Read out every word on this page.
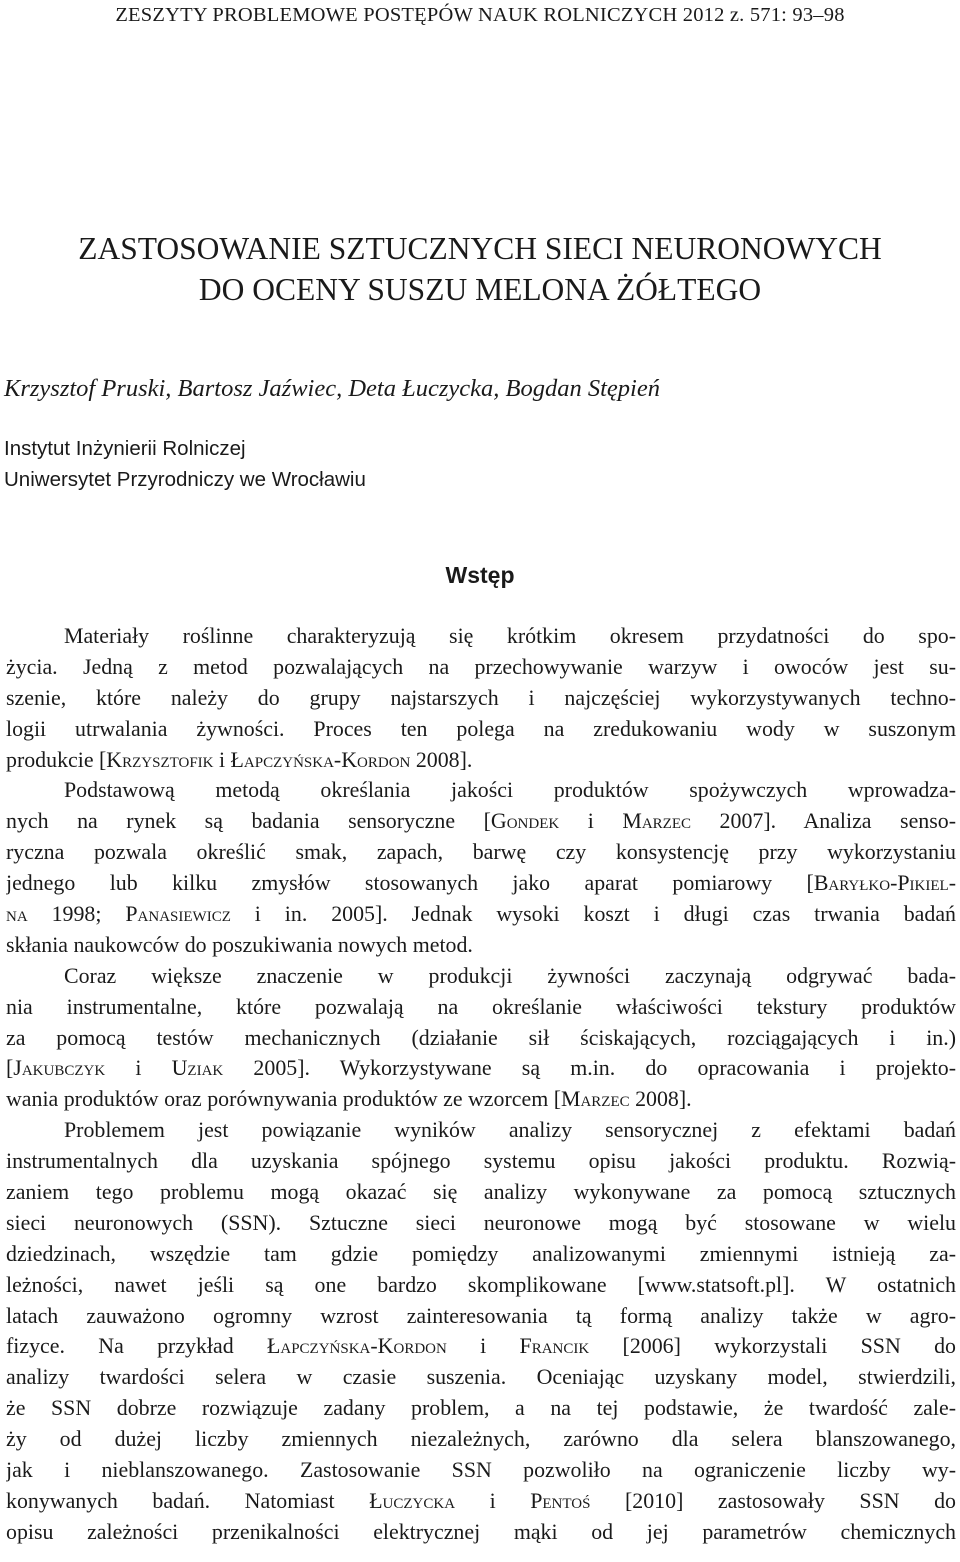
ZESZYTY PROBLEMOWE POSTĘPÓW NAUK ROLNICZYCH 2012 z. 571: 93–98
ZASTOSOWANIE SZTUCZNYCH SIECI NEURONOWYCH
DO OCENY SUSZU MELONA ŻÓŁTEGO

Krzysztof Pruski, Bartosz Jaźwiec, Deta Łuczycka, Bogdan Stępień

Instytut Inżynierii Rolniczej
Uniwersytet Przyrodniczy we Wrocławiu

Wstęp
Materiały roślinne charakteryzują się krótkim okresem przydatności do spo-
życia. Jedną z metod pozwalających na przechowywanie warzyw i owoców jest su-
szenie, które należy do grupy najstarszych i najczęściej wykorzystywanych techno-
logii utrwalania żywności. Proces ten polega na zredukowaniu wody w suszonym
produkcie [Krzysztofik i Łapczyńska-Kordon 2008].
Podstawową metodą określania jakości produktów spożywczych wprowadza-
nych na rynek są badania sensoryczne [Gondek i Marzec 2007]. Analiza senso-
ryczna pozwala określić smak, zapach, barwę czy konsystencję przy wykorzystaniu
jednego lub kilku zmysłów stosowanych jako aparat pomiarowy [Baryłko-Pikiel-
na 1998; Panasiewicz i in. 2005]. Jednak wysoki koszt i długi czas trwania badań
skłania naukowców do poszukiwania nowych metod.
Coraz większe znaczenie w produkcji żywności zaczynają odgrywać bada-
nia instrumentalne, które pozwalają na określanie właściwości tekstury produktów
za pomocą testów mechanicznych (działanie sił ściskających, rozciągających i in.)
[Jakubczyk i Uziak 2005]. Wykorzystywane są m.in. do opracowania i projekto-
wania produktów oraz porównywania produktów ze wzorcem [Marzec 2008].
Problemem jest powiązanie wyników analizy sensorycznej z efektami badań
instrumentalnych dla uzyskania spójnego systemu opisu jakości produktu. Rozwią-
zaniem tego problemu mogą okazać się analizy wykonywane za pomocą sztucznych
sieci neuronowych (SSN). Sztuczne sieci neuronowe mogą być stosowane w wielu
dziedzinach, wszędzie tam gdzie pomiędzy analizowanymi zmiennymi istnieją za-
leżności, nawet jeśli są one bardzo skomplikowane [www.statsoft.pl]. W ostatnich
latach zauważono ogromny wzrost zainteresowania tą formą analizy także w agro-
fizyce. Na przykład Łapczyńska-Kordon i Francik [2006] wykorzystali SSN do
analizy twardości selera w czasie suszenia. Oceniając uzyskany model, stwierdzili,
że SSN dobrze rozwiązuje zadany problem, a na tej podstawie, że twardość zale-
ży od dużej liczby zmiennych niezależnych, zarówno dla selera blanszowanego,
jak i nieblanszowanego. Zastosowanie SSN pozwoliło na ograniczenie liczby wy-
konywanych badań. Natomiast Łuczycka i Pentoś [2010] zastosowały SSN do
opisu zależności przenikalności elektrycznej mąki od jej parametrów chemicznych
